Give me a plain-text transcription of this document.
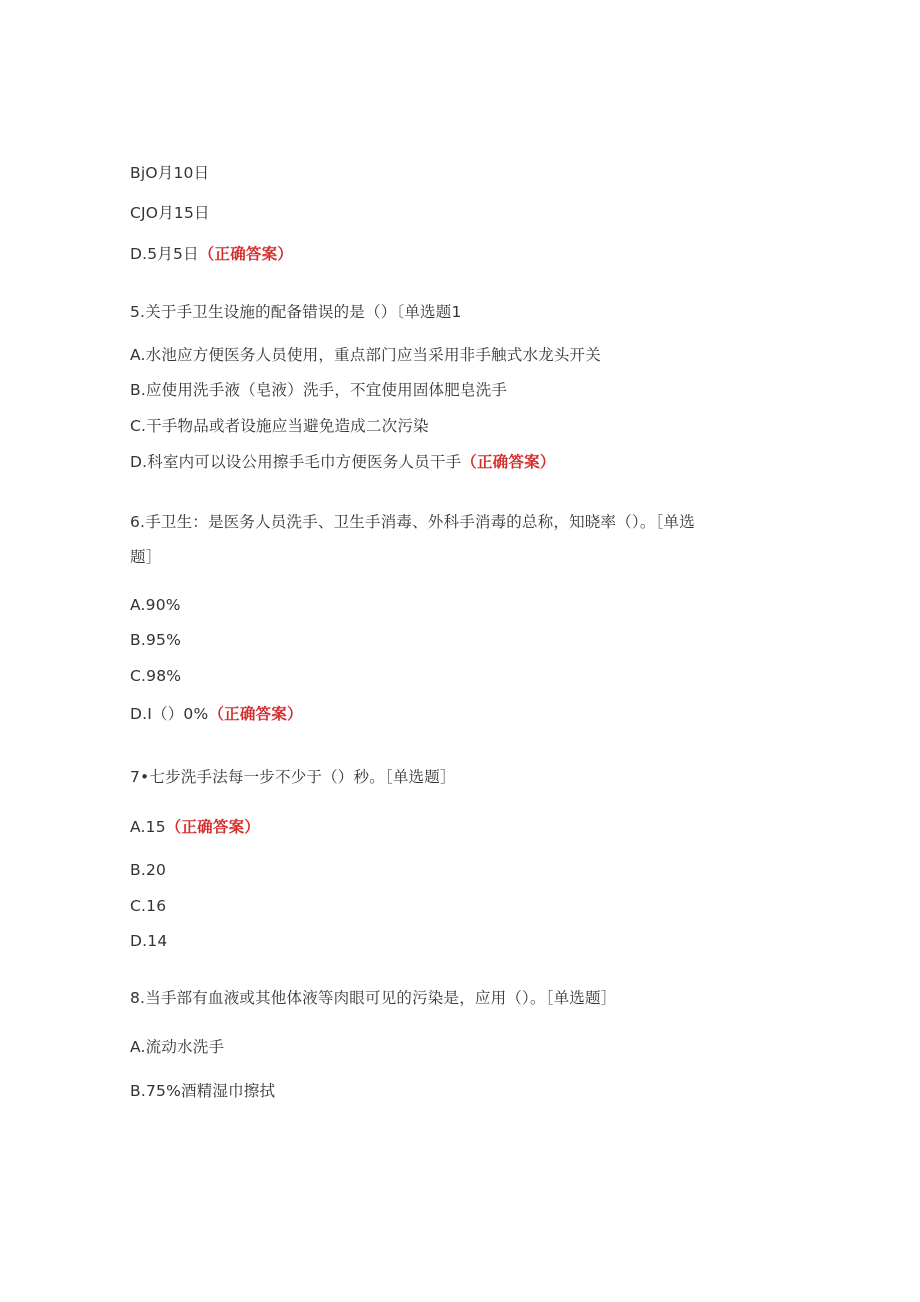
BjO月10日
CJO月15日
D.5月5日（正确答案）
5.关于手卫生设施的配备错误的是（）〔单选题1
A.水池应方便医务人员使用，重点部门应当采用非手触式水龙头开关
B.应使用洗手液（皂液）洗手，不宜使用固体肥皂洗手
C.干手物品或者设施应当避免造成二次污染
D.科室内可以设公用擦手毛巾方便医务人员干手（正确答案）
6.手卫生：是医务人员洗手、卫生手消毒、外科手消毒的总称，知晓率（）。［单选
题］
A.90%
B.95%
C.98%
D.I（）0%（正确答案）
7•七步洗手法每一步不少于（）秒。［单选题］
A.15（正确答案）
B.20
C.16
D.14
8.当手部有血液或其他体液等肉眼可见的污染是，应用（）。［单选题］
A.流动水洗手
B.75%酒精湿巾擦拭
